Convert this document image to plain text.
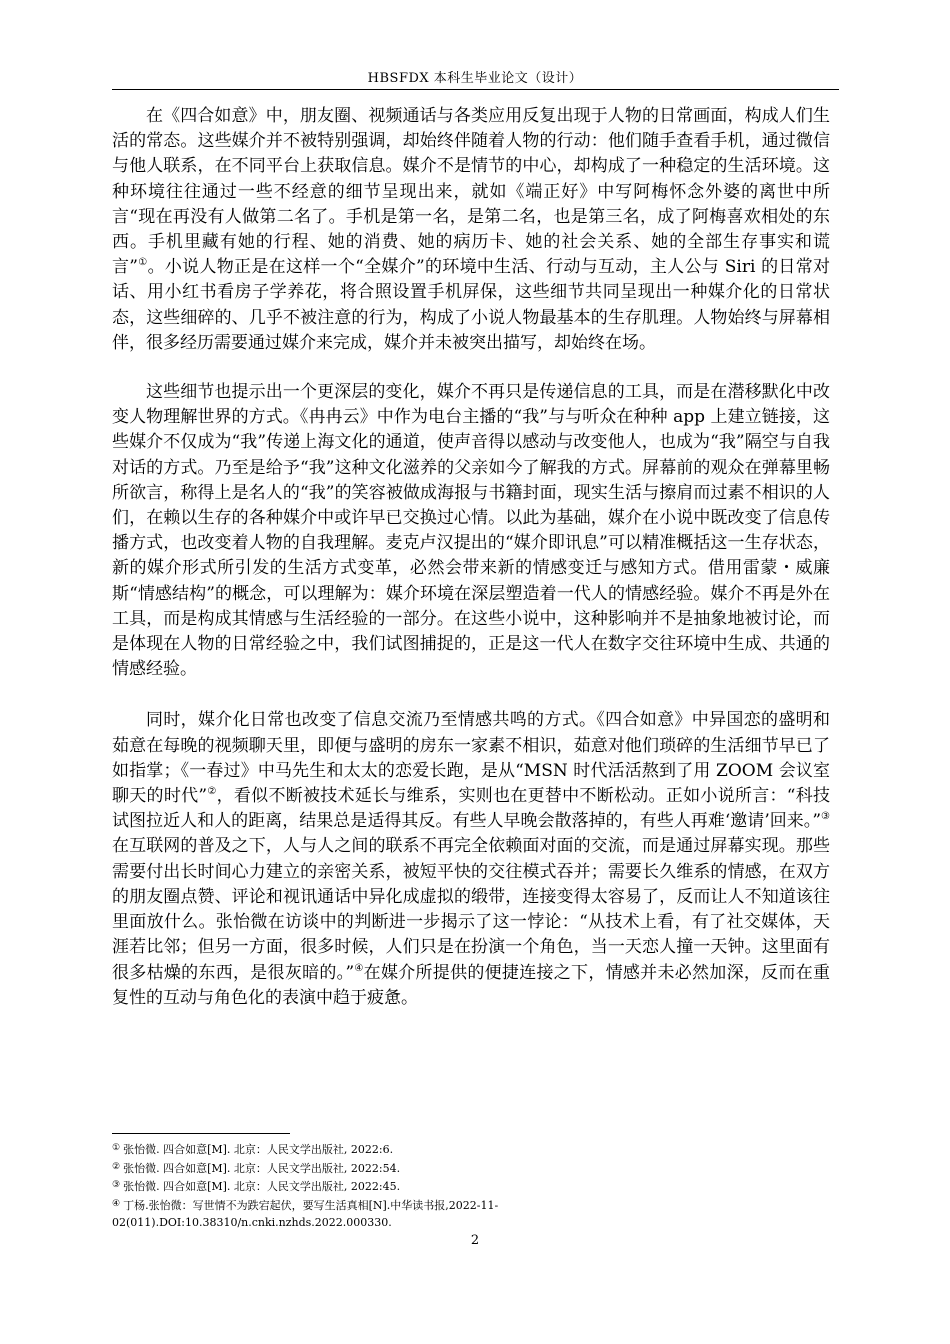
HBSFDX 本科生毕业论文（设计）

在《四合如意》中，朋友圈、视频通话与各类应用反复出现于人物的日常画面，构成人们生活的常态。这些媒介并不被特别强调，却始终伴随着人物的行动：他们随手查看手机，通过微信与他人联系，在不同平台上获取信息。媒介不是情节的中心，却构成了一种稳定的生活环境。这种环境往往通过一些不经意的细节呈现出来，就如《端正好》中写阿梅怀念外婆的离世中所言“现在再没有人做第二名了。手机是第一名，是第二名，也是第三名，成了阿梅喜欢相处的东西。手机里藏有她的行程、她的消费、她的病历卡、她的社会关系、她的全部生存事实和谎言”①。小说人物正是在这样一个“全媒介”的环境中生活、行动与互动，主人公与 Siri 的日常对话、用小红书看房子学养花，将合照设置手机屏保，这些细节共同呈现出一种媒介化的日常状态，这些细碎的、几乎不被注意的行为，构成了小说人物最基本的生存肌理。人物始终与屏幕相伴，很多经历需要通过媒介来完成，媒介并未被突出描写，却始终在场。

这些细节也提示出一个更深层的变化，媒介不再只是传递信息的工具，而是在潜移默化中改变人物理解世界的方式。《冉冉云》中作为电台主播的“我”与与听众在种种 app 上建立链接，这些媒介不仅成为“我”传递上海文化的通道，使声音得以感动与改变他人，也成为“我”隔空与自我对话的方式。乃至是给予“我”这种文化滋养的父亲如今了解我的方式。屏幕前的观众在弹幕里畅所欲言，称得上是名人的“我”的笑容被做成海报与书籍封面，现实生活与擦肩而过素不相识的人们，在赖以生存的各种媒介中或许早已交换过心情。以此为基础，媒介在小说中既改变了信息传播方式，也改变着人物的自我理解。麦克卢汉提出的“媒介即讯息”可以精准概括这一生存状态，新的媒介形式所引发的生活方式变革，必然会带来新的情感变迁与感知方式。借用雷蒙・威廉斯“情感结构”的概念，可以理解为：媒介环境在深层塑造着一代人的情感经验。媒介不再是外在工具，而是构成其情感与生活经验的一部分。在这些小说中，这种影响并不是抽象地被讨论，而是体现在人物的日常经验之中，我们试图捕捉的，正是这一代人在数字交往环境中生成、共通的情感经验。

同时，媒介化日常也改变了信息交流乃至情感共鸣的方式。《四合如意》中异国恋的盛明和茹意在每晚的视频聊天里，即便与盛明的房东一家素不相识，茹意对他们琐碎的生活细节早已了如指掌；《一春过》中马先生和太太的恋爱长跑，是从“MSN 时代活活熬到了用 ZOOM 会议室聊天的时代”②，看似不断被技术延长与维系，实则也在更替中不断松动。正如小说所言：“科技试图拉近人和人的距离，结果总是适得其反。有些人早晚会散落掉的，有些人再难‘邀请’回来。”③在互联网的普及之下，人与人之间的联系不再完全依赖面对面的交流，而是通过屏幕实现。那些需要付出长时间心力建立的亲密关系，被短平快的交往模式吞并；需要长久维系的情感，在双方的朋友圈点赞、评论和视讯通话中异化成虚拟的缎带，连接变得太容易了，反而让人不知道该往里面放什么。张怡微在访谈中的判断进一步揭示了这一悖论：“从技术上看，有了社交媒体，天涯若比邻；但另一方面，很多时候，人们只是在扮演一个角色，当一天恋人撞一天钟。这里面有很多枯燥的东西，是很灰暗的。”④在媒介所提供的便捷连接之下，情感并未必然加深，反而在重复性的互动与角色化的表演中趋于疲惫。

① 张怡微. 四合如意[M]. 北京：人民文学出版社, 2022:6.

② 张怡微. 四合如意[M]. 北京：人民文学出版社, 2022:54.

③ 张怡微. 四合如意[M]. 北京：人民文学出版社, 2022:45.

④ 丁杨.张怡微：写世情不为跌宕起伏，要写生活真相[N].中华读书报,2022-11-02(011).DOI:10.38310/n.cnki.nzhds.2022.000330.

2
